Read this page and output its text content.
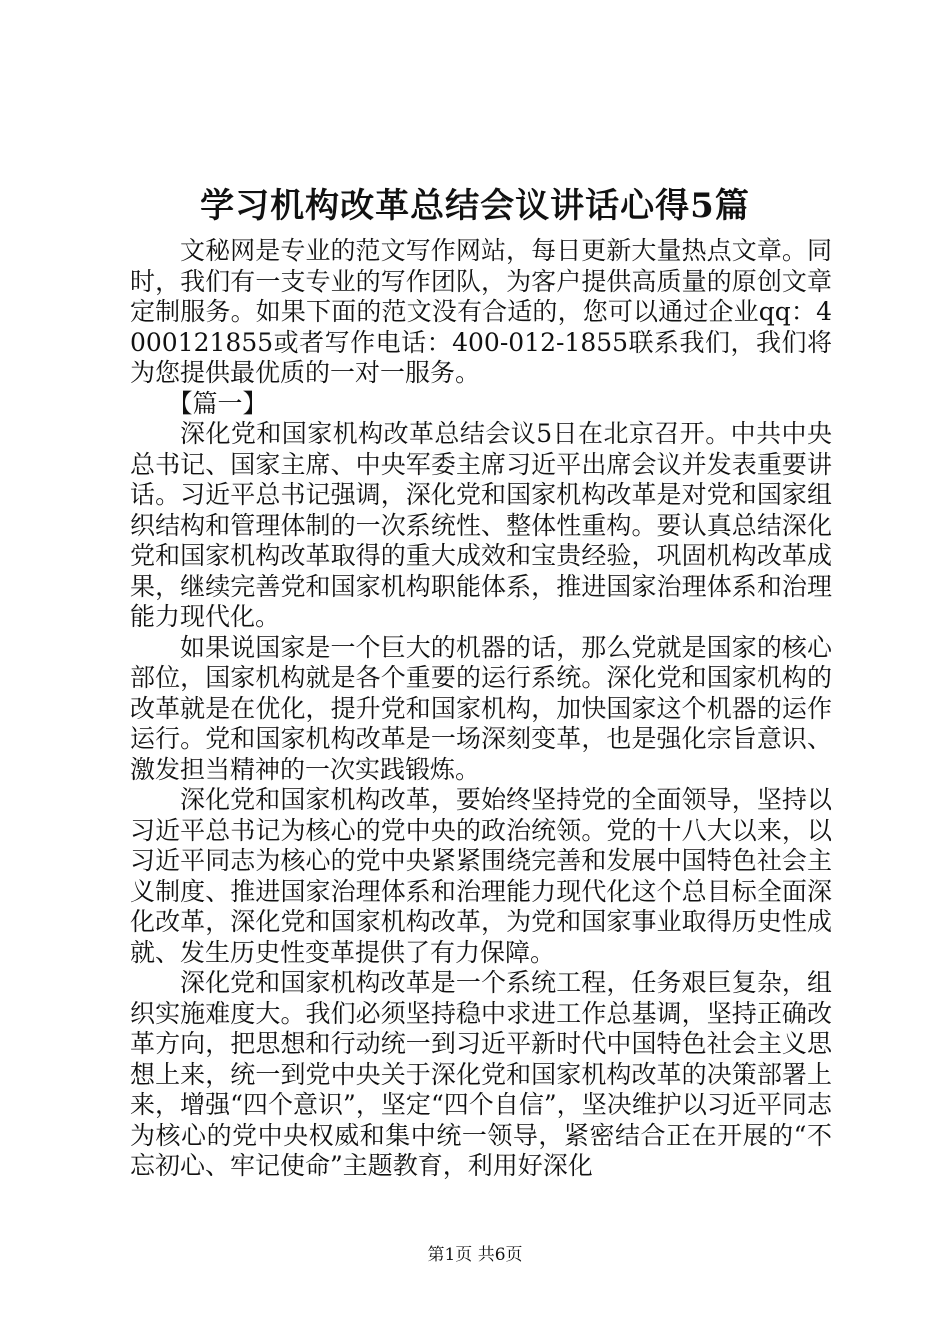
学习机构改革总结会议讲话心得5篇

文秘网是专业的范文写作网站，每日更新大量热点文章。同时，我们有一支专业的写作团队，为客户提供高质量的原创文章定制服务。如果下面的范文没有合适的，您可以通过企业qq：4000121855或者写作电话：400-012-1855联系我们，我们将为您提供最优质的一对一服务。

【篇一】

深化党和国家机构改革总结会议5日在北京召开。中共中央总书记、国家主席、中央军委主席习近平出席会议并发表重要讲话。习近平总书记强调，深化党和国家机构改革是对党和国家组织结构和管理体制的一次系统性、整体性重构。要认真总结深化党和国家机构改革取得的重大成效和宝贵经验，巩固机构改革成果，继续完善党和国家机构职能体系，推进国家治理体系和治理能力现代化。

如果说国家是一个巨大的机器的话，那么党就是国家的核心部位，国家机构就是各个重要的运行系统。深化党和国家机构的改革就是在优化，提升党和国家机构，加快国家这个机器的运作运行。党和国家机构改革是一场深刻变革，也是强化宗旨意识、激发担当精神的一次实践锻炼。

深化党和国家机构改革，要始终坚持党的全面领导，坚持以习近平总书记为核心的党中央的政治统领。党的十八大以来，以习近平同志为核心的党中央紧紧围绕完善和发展中国特色社会主义制度、推进国家治理体系和治理能力现代化这个总目标全面深化改革，深化党和国家机构改革，为党和国家事业取得历史性成就、发生历史性变革提供了有力保障。

深化党和国家机构改革是一个系统工程，任务艰巨复杂，组织实施难度大。我们必须坚持稳中求进工作总基调，坚持正确改革方向，把思想和行动统一到习近平新时代中国特色社会主义思想上来，统一到党中央关于深化党和国家机构改革的决策部署上来，增强“四个意识”，坚定“四个自信”，坚决维护以习近平同志为核心的党中央权威和集中统一领导，紧密结合正在开展的“不忘初心、牢记使命”主题教育，利用好深化

第1页 共6页
